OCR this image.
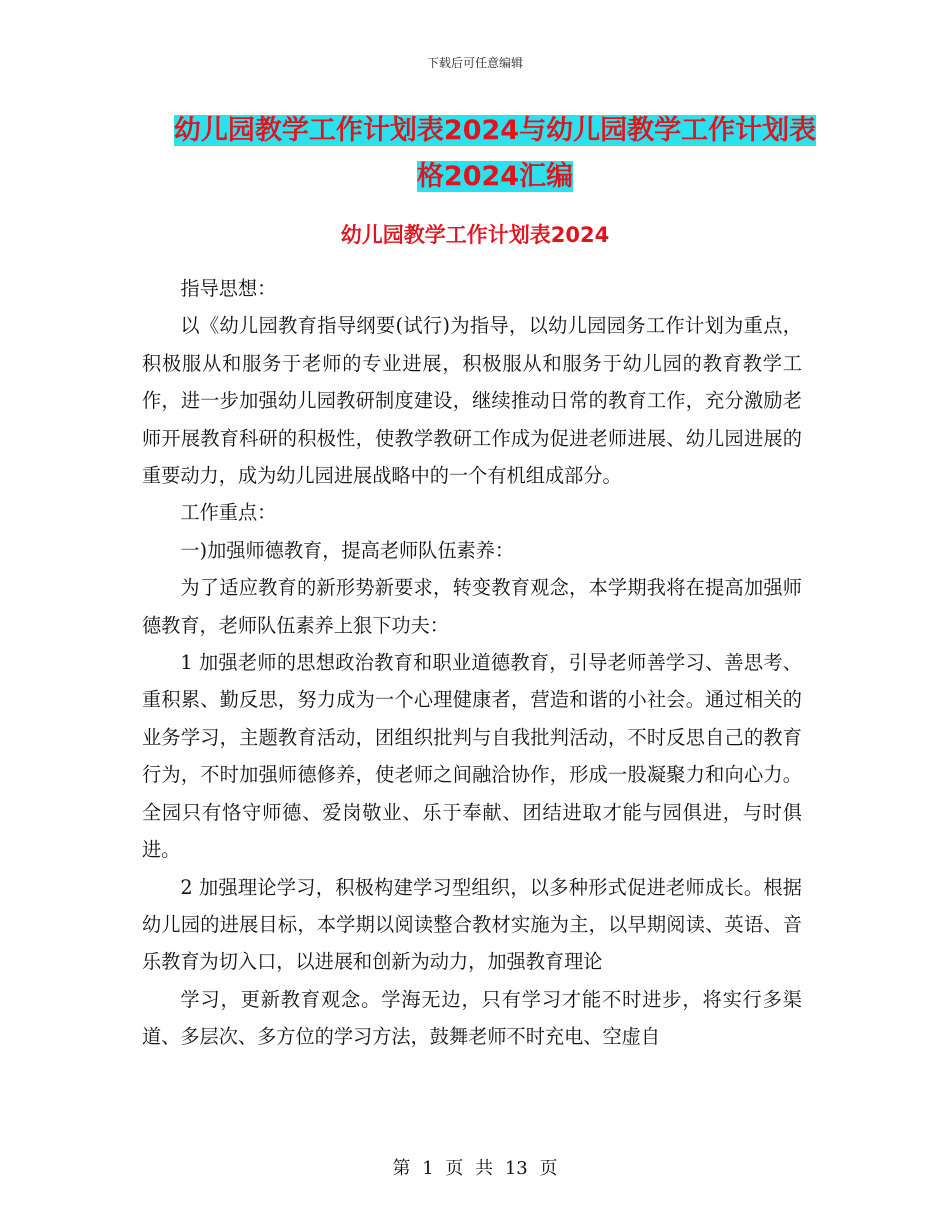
下载后可任意编辑
幼儿园教学工作计划表2024与幼儿园教学工作计划表
格2024汇编
幼儿园教学工作计划表2024

指导思想：

以《幼儿园教育指导纲要(试行)为指导，以幼儿园园务工作计划为重点，积极服从和服务于老师的专业进展，积极服从和服务于幼儿园的教育教学工作，进一步加强幼儿园教研制度建设，继续推动日常的教育工作，充分激励老师开展教育科研的积极性，使教学教研工作成为促进老师进展、幼儿园进展的重要动力，成为幼儿园进展战略中的一个有机组成部分。

工作重点：

一)加强师德教育，提高老师队伍素养：

为了适应教育的新形势新要求，转变教育观念，本学期我将在提高加强师德教育，老师队伍素养上狠下功夫：

1 加强老师的思想政治教育和职业道德教育，引导老师善学习、善思考、重积累、勤反思，努力成为一个心理健康者，营造和谐的小社会。通过相关的业务学习，主题教育活动，团组织批判与自我批判活动，不时反思自己的教育行为，不时加强师德修养，使老师之间融洽协作，形成一股凝聚力和向心力。全园只有恪守师德、爱岗敬业、乐于奉献、团结进取才能与园俱进，与时俱进。

2 加强理论学习，积极构建学习型组织，以多种形式促进老师成长。根据幼儿园的进展目标，本学期以阅读整合教材实施为主，以早期阅读、英语、音乐教育为切入口，以进展和创新为动力，加强教育理论

学习，更新教育观念。学海无边，只有学习才能不时进步，将实行多渠道、多层次、多方位的学习方法，鼓舞老师不时充电、空虚自

第 1 页 共 13 页
